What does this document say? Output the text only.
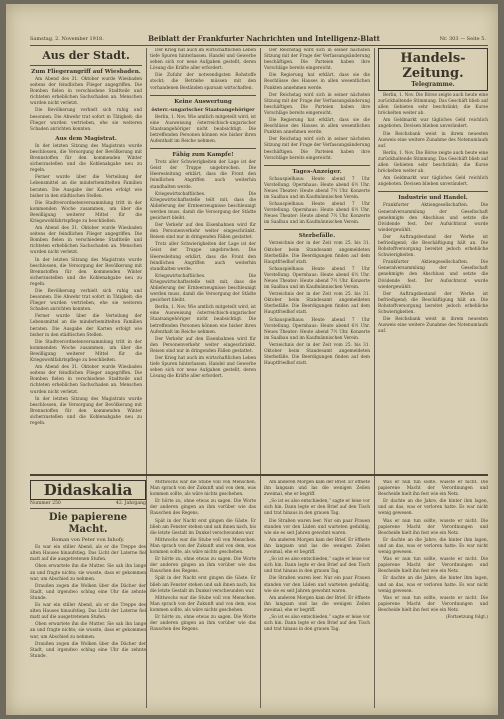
Samstag, 2. November 1918.	Beiblatt der Frankfurter Nachrichten und Intelligenz-Blatt	Nr. 303 — Seite 5.
Aus der Stadt.
Zum Fliegerangriff auf Wiesbaden.

Am Abend des 31. Oktober wurde Wiesbaden seitens der feindlichen Flieger angegriffen. Die Bomben fielen in verschiedene Stadtteile und richteten erheblichen Sachschaden an. Menschen wurden nicht verletzt.

Die Bevölkerung verhielt sich ruhig und besonnen. Die Abwehr trat sofort in Tätigkeit; die Flieger wurden vertrieben, ehe sie weiteren Schaden anrichten konnten.

Aus dem Magistrat.

In der letzten Sitzung des Magistrats wurde beschlossen, die Versorgung der Bevölkerung mit Brennstoffen für den kommenden Winter sicherzustellen und die Kohlenabgabe neu zu regeln.

Ferner wurde über die Verteilung der Lebensmittel an die minderbemittelten Familien beraten. Die Ausgabe der Karten erfolgt wie bisher in den städtischen Stellen.

Die Stadtverordnetenversammlung tritt in der kommenden Woche zusammen, um über die Bewilligung weiterer Mittel für die Kriegswohlfahrtspflege zu beschließen.

Am Abend des 31. Oktober wurde Wiesbaden seitens der feindlichen Flieger angegriffen. Die Bomben fielen in verschiedene Stadtteile und richteten erheblichen Sachschaden an. Menschen wurden nicht verletzt.

In der letzten Sitzung des Magistrats wurde beschlossen, die Versorgung der Bevölkerung mit Brennstoffen für den kommenden Winter sicherzustellen und die Kohlenabgabe neu zu regeln.

Die Bevölkerung verhielt sich ruhig und besonnen. Die Abwehr trat sofort in Tätigkeit; die Flieger wurden vertrieben, ehe sie weiteren Schaden anrichten konnten.

Ferner wurde über die Verteilung der Lebensmittel an die minderbemittelten Familien beraten. Die Ausgabe der Karten erfolgt wie bisher in den städtischen Stellen.

Die Stadtverordnetenversammlung tritt in der kommenden Woche zusammen, um über die Bewilligung weiterer Mittel für die Kriegswohlfahrtspflege zu beschließen.

Am Abend des 31. Oktober wurde Wiesbaden seitens der feindlichen Flieger angegriffen. Die Bomben fielen in verschiedene Stadtteile und richteten erheblichen Sachschaden an. Menschen wurden nicht verletzt.

In der letzten Sitzung des Magistrats wurde beschlossen, die Versorgung der Bevölkerung mit Brennstoffen für den kommenden Winter sicherzustellen und die Kohlenabgabe neu zu regeln.

Der Krieg hat auch im wirtschaftlichen Leben tiefe Spuren hinterlassen. Handel und Gewerbe sehen sich vor neue Aufgaben gestellt, deren Lösung die Kräfte aller erfordert.

Die Zufuhr der notwendigsten Rohstoffe stockt; die Betriebe müssen mit den vorhandenen Beständen sparsam wirtschaften.

Keine Auswertung
österr.-ungarischer Staatsangehöriger

Berlin, 1. Nov. Wie amtlich mitgeteilt wird, ist eine Ausweisung österreichisch-ungarischer Staatsangehöriger nicht beabsichtigt. Die betreffenden Personen können wie bisher ihren Aufenthalt im Reiche nehmen.

Fähig zum Kampfe!

Trotz aller Schwierigkeiten der Lage ist der Geist der Truppe ungebrochen. Die Heeresleitung erklärt, dass die Front den feindlichen Angriffen auch weiterhin standhalten werde.

Kriegswirtschaftliches. Die Kriegswirtschaftsstelle teilt mit, dass die Ablieferung der Ernteerzeugnisse beschleunigt werden muss, damit die Versorgung der Städte gesichert bleibt.

Der Verkehr auf den Eisenbahnen wird für den Personenverkehr weiter eingeschränkt. Reisen sind nur in dringenden Fällen gestattet.

Trotz aller Schwierigkeiten der Lage ist der Geist der Truppe ungebrochen. Die Heeresleitung erklärt, dass die Front den feindlichen Angriffen auch weiterhin standhalten werde.

Kriegswirtschaftliches. Die Kriegswirtschaftsstelle teilt mit, dass die Ablieferung der Ernteerzeugnisse beschleunigt werden muss, damit die Versorgung der Städte gesichert bleibt.

Berlin, 1. Nov. Wie amtlich mitgeteilt wird, ist eine Ausweisung österreichisch-ungarischer Staatsangehöriger nicht beabsichtigt. Die betreffenden Personen können wie bisher ihren Aufenthalt im Reiche nehmen.

Der Verkehr auf den Eisenbahnen wird für den Personenverkehr weiter eingeschränkt. Reisen sind nur in dringenden Fällen gestattet.

Der Krieg hat auch im wirtschaftlichen Leben tiefe Spuren hinterlassen. Handel und Gewerbe sehen sich vor neue Aufgaben gestellt, deren Lösung die Kräfte aller erfordert.

Der Reichstag wird sich in seiner nächsten Sitzung mit der Frage der Verfassungsänderung beschäftigen. Die Parteien haben ihre Vorschläge bereits eingereicht.

Die Regierung hat erklärt, dass sie die Beschlüsse des Hauses in allen wesentlichen Punkten annehmen werde.

Der Reichstag wird sich in seiner nächsten Sitzung mit der Frage der Verfassungsänderung beschäftigen. Die Parteien haben ihre Vorschläge bereits eingereicht.

Die Regierung hat erklärt, dass sie die Beschlüsse des Hauses in allen wesentlichen Punkten annehmen werde.

Der Reichstag wird sich in seiner nächsten Sitzung mit der Frage der Verfassungsänderung beschäftigen. Die Parteien haben ihre Vorschläge bereits eingereicht.

Tages-Anzeiger.

Schauspielhaus: Heute abend 7 Uhr Vorstellung. Opernhaus: Heute abend 6½ Uhr. Neues Theater: Heute abend 7½ Uhr. Konzerte im Saalbau und im Kaufmännischen Verein.

Schauspielhaus: Heute abend 7 Uhr Vorstellung. Opernhaus: Heute abend 6½ Uhr. Neues Theater: Heute abend 7½ Uhr. Konzerte im Saalbau und im Kaufmännischen Verein.

Sterbefälle.

Verzeichnis der in der Zeit vom 25. bis 31. Oktober beim Standesamt angemeldeten Sterbefälle. Die Beerdigungen finden auf dem Hauptfriedhof statt.

Schauspielhaus: Heute abend 7 Uhr Vorstellung. Opernhaus: Heute abend 6½ Uhr. Neues Theater: Heute abend 7½ Uhr. Konzerte im Saalbau und im Kaufmännischen Verein.

Verzeichnis der in der Zeit vom 25. bis 31. Oktober beim Standesamt angemeldeten Sterbefälle. Die Beerdigungen finden auf dem Hauptfriedhof statt.

Schauspielhaus: Heute abend 7 Uhr Vorstellung. Opernhaus: Heute abend 6½ Uhr. Neues Theater: Heute abend 7½ Uhr. Konzerte im Saalbau und im Kaufmännischen Verein.

Verzeichnis der in der Zeit vom 25. bis 31. Oktober beim Standesamt angemeldeten Sterbefälle. Die Beerdigungen finden auf dem Hauptfriedhof statt.

Handels-Zeitung.
Telegramme.

Berlin, 1. Nov. Die Börse zeigte auch heute eine zurückhaltende Stimmung. Das Geschäft blieb auf allen Gebieten sehr beschränkt; die Kurse bröckelten weiter ab.

Am Geldmarkt war tägliches Geld reichlich angeboten. Devisen blieben unverändert.

Die Reichsbank weist in ihrem neuesten Ausweis eine weitere Zunahme des Notenumlaufs auf.

Berlin, 1. Nov. Die Börse zeigte auch heute eine zurückhaltende Stimmung. Das Geschäft blieb auf allen Gebieten sehr beschränkt; die Kurse bröckelten weiter ab.

Am Geldmarkt war tägliches Geld reichlich angeboten. Devisen blieben unverändert.

Industrie und Handel.

Frankfurter Aktiengesellschaften. Die Generalversammlung der Gesellschaft genehmigte den Abschluss und setzte die Dividende fest. Der Aufsichtsrat wurde wiedergewählt.

Der Auftragsbestand der Werke ist befriedigend; die Beschäftigung hält an. Die Rohstoffversorgung bereitet jedoch erhebliche Schwierigkeiten.

Frankfurter Aktiengesellschaften. Die Generalversammlung der Gesellschaft genehmigte den Abschluss und setzte die Dividende fest. Der Aufsichtsrat wurde wiedergewählt.

Der Auftragsbestand der Werke ist befriedigend; die Beschäftigung hält an. Die Rohstoffversorgung bereitet jedoch erhebliche Schwierigkeiten.

Die Reichsbank weist in ihrem neuesten Ausweis eine weitere Zunahme des Notenumlaufs auf.

Didaskalia
Nummer 250	42. Jahrgang
Die papierene Macht.
Roman von Peter von Inhofy.

Es war ein stiller Abend, als er die Treppe des alten Hauses hinaufstieg. Das Licht der Laterne fiel matt auf die ausgetretenen Stufen.

Oben erwartete ihn die Mutter. Sie sah ihn lange an und fragte nichts; sie wusste, dass er gekommen war, um Abschied zu nehmen.

Draußen zogen die Wolken über die Dächer der Stadt, und irgendwo schlug eine Uhr die zehnte Stunde.

Es war ein stiller Abend, als er die Treppe des alten Hauses hinaufstieg. Das Licht der Laterne fiel matt auf die ausgetretenen Stufen.

Oben erwartete ihn die Mutter. Sie sah ihn lange an und fragte nichts; sie wusste, dass er gekommen war, um Abschied zu nehmen.

Draußen zogen die Wolken über die Dächer der Stadt, und irgendwo schlug eine Uhr die zehnte Stunde.

Mittwochs war die Stube voll von Menschen. Man sprach von der Zukunft und von dem, was kommen sollte, als wäre nichts geschehen.

Er hörte zu, ohne etwas zu sagen. Die Worte der anderen gingen an ihm vorüber wie das Rauschen des Regens.

Spät in der Nacht erst gingen die Gäste. Er blieb am Fenster stehen und sah ihnen nach, bis die letzte Gestalt im Dunkel verschwunden war.

Mittwochs war die Stube voll von Menschen. Man sprach von der Zukunft und von dem, was kommen sollte, als wäre nichts geschehen.

Er hörte zu, ohne etwas zu sagen. Die Worte der anderen gingen an ihm vorüber wie das Rauschen des Regens.

Spät in der Nacht erst gingen die Gäste. Er blieb am Fenster stehen und sah ihnen nach, bis die letzte Gestalt im Dunkel verschwunden war.

Mittwochs war die Stube voll von Menschen. Man sprach von der Zukunft und von dem, was kommen sollte, als wäre nichts geschehen.

Er hörte zu, ohne etwas zu sagen. Die Worte der anderen gingen an ihm vorüber wie das Rauschen des Regens.

Am anderen Morgen kam der Brief. Er öffnete ihn langsam und las die wenigen Zeilen zweimal, ehe er begriff.

„So ist es also entschieden,“ sagte er leise vor sich hin. Dann legte er den Brief auf den Tisch und trat hinaus in den grauen Tag.

Die Straßen waren leer. Nur ein paar Frauen standen vor den Läden und warteten geduldig, wie sie es seit Jahren gewohnt waren.

Am anderen Morgen kam der Brief. Er öffnete ihn langsam und las die wenigen Zeilen zweimal, ehe er begriff.

„So ist es also entschieden,“ sagte er leise vor sich hin. Dann legte er den Brief auf den Tisch und trat hinaus in den grauen Tag.

Die Straßen waren leer. Nur ein paar Frauen standen vor den Läden und warteten geduldig, wie sie es seit Jahren gewohnt waren.

Am anderen Morgen kam der Brief. Er öffnete ihn langsam und las die wenigen Zeilen zweimal, ehe er begriff.

„So ist es also entschieden,“ sagte er leise vor sich hin. Dann legte er den Brief auf den Tisch und trat hinaus in den grauen Tag.

Was er nun tun sollte, wusste er nicht. Die papierene Macht der Verordnungen und Bescheide hielt ihn fest wie ein Netz.

Er dachte an die Jahre, die hinter ihm lagen, und an das, was er verloren hatte. Es war nicht wenig gewesen.

Was er nun tun sollte, wusste er nicht. Die papierene Macht der Verordnungen und Bescheide hielt ihn fest wie ein Netz.

Er dachte an die Jahre, die hinter ihm lagen, und an das, was er verloren hatte. Es war nicht wenig gewesen.

Was er nun tun sollte, wusste er nicht. Die papierene Macht der Verordnungen und Bescheide hielt ihn fest wie ein Netz.

Er dachte an die Jahre, die hinter ihm lagen, und an das, was er verloren hatte. Es war nicht wenig gewesen.

Was er nun tun sollte, wusste er nicht. Die papierene Macht der Verordnungen und Bescheide hielt ihn fest wie ein Netz.

(Fortsetzung folgt.)
